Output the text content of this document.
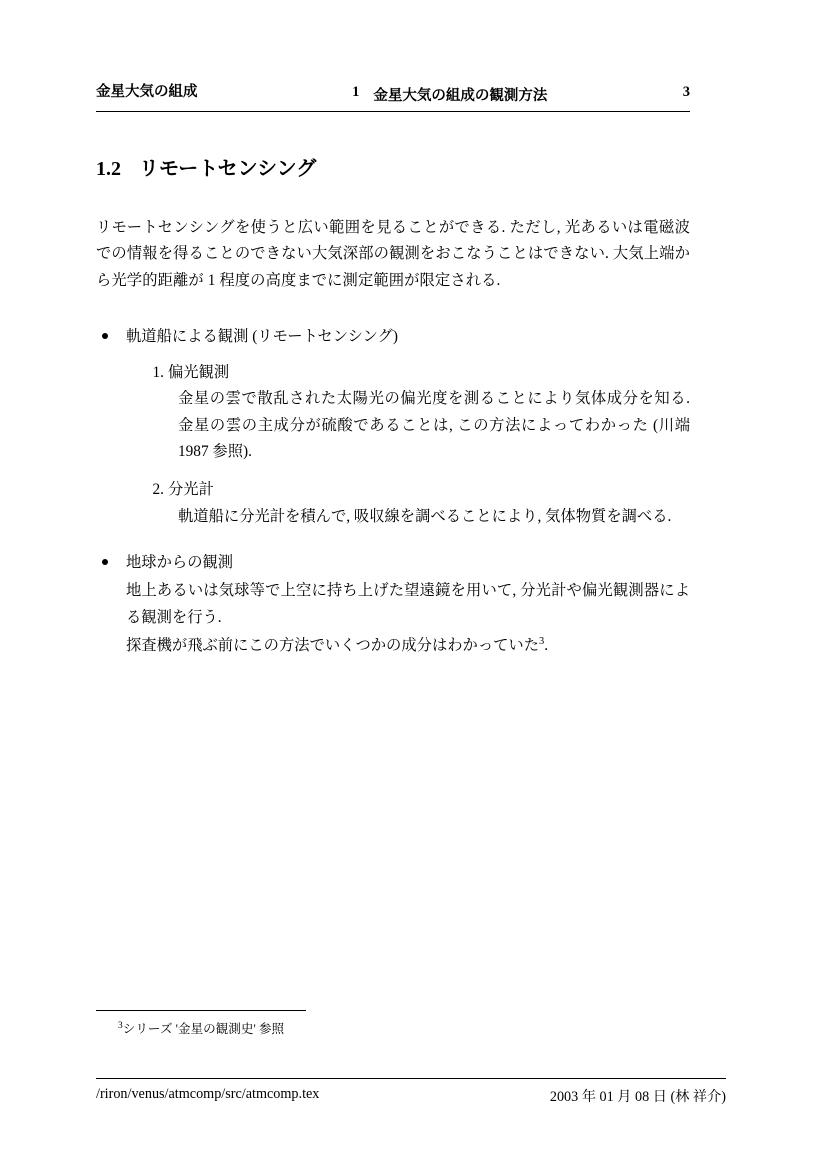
金星大気の組成	1 金星大気の組成の観測方法	3
1.2 リモートセンシング

リモートセンシングを使うと広い範囲を見ることができる. ただし, 光あるいは電磁波での情報を得ることのできない大気深部の観測をおこなうことはできない. 大気上端から光学的距離が 1 程度の高度までに測定範囲が限定される.

軌道船による観測 (リモートセンシング)
1. 偏光観測
金星の雲で散乱された太陽光の偏光度を測ることにより気体成分を知る. 金星の雲の主成分が硫酸であることは, この方法によってわかった (川端 1987 参照).
2. 分光計
軌道船に分光計を積んで, 吸収線を調べることにより, 気体物質を調べる.
地球からの観測
地上あるいは気球等で上空に持ち上げた望遠鏡を用いて, 分光計や偏光観測器による観測を行う.
探査機が飛ぶ前にこの方法でいくつかの成分はわかっていた$^3$.
$^3$シリーズ '金星の観測史' 参照
/riron/venus/atmcomp/src/atmcomp.tex	2003 年 01 月 08 日 (林 祥介)
